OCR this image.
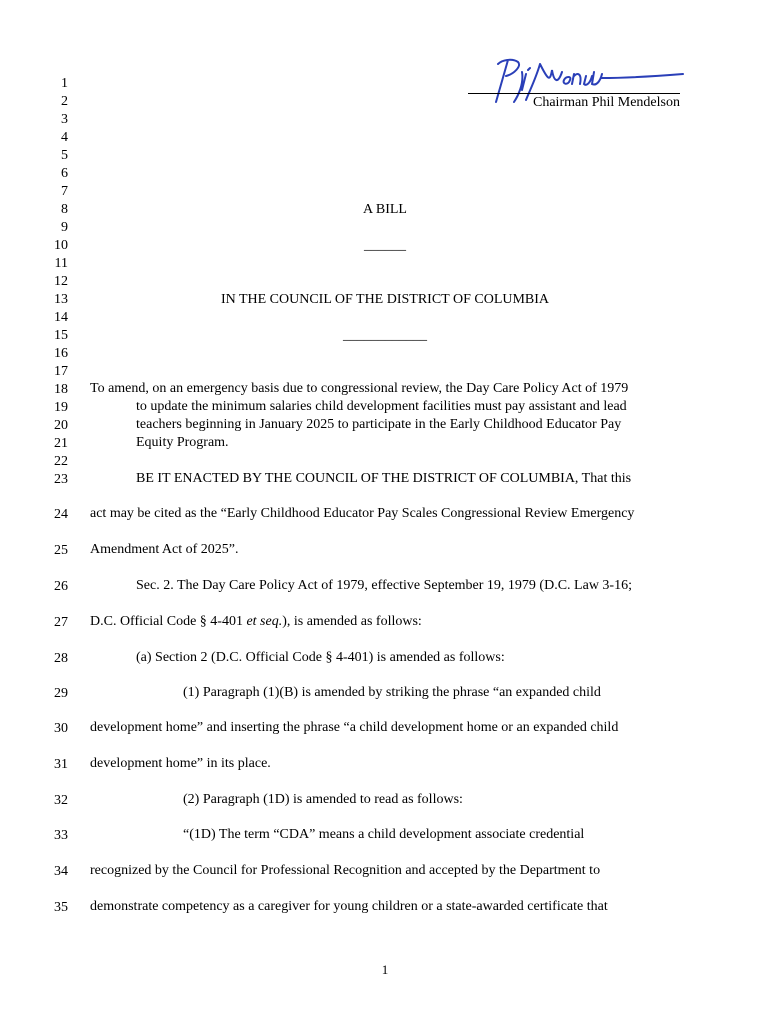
Chairman Phil Mendelson
1
2
3
4
5
6
7
8
9
10
11
12
13
14
15
16
17
18
19
20
21
22
23
24
25
26
27
28
29
30
31
32
33
34
35
A BILL
______
IN THE COUNCIL OF THE DISTRICT OF COLUMBIA
____________
To amend, on an emergency basis due to congressional review, the Day Care Policy Act of 1979
to update the minimum salaries child development facilities must pay assistant and lead
teachers beginning in January 2025 to participate in the Early Childhood Educator Pay
Equity Program.
BE IT ENACTED BY THE COUNCIL OF THE DISTRICT OF COLUMBIA, That this
act may be cited as the “Early Childhood Educator Pay Scales Congressional Review Emergency
Amendment Act of 2025”.
Sec. 2. The Day Care Policy Act of 1979, effective September 19, 1979 (D.C. Law 3-16;
D.C. Official Code § 4-401 et seq.), is amended as follows:
(a) Section 2 (D.C. Official Code § 4-401) is amended as follows:
(1) Paragraph (1)(B) is amended by striking the phrase “an expanded child
development home” and inserting the phrase “a child development home or an expanded child
development home” in its place.
(2) Paragraph (1D) is amended to read as follows:
“(1D) The term “CDA” means a child development associate credential
recognized by the Council for Professional Recognition and accepted by the Department to
demonstrate competency as a caregiver for young children or a state-awarded certificate that
1
